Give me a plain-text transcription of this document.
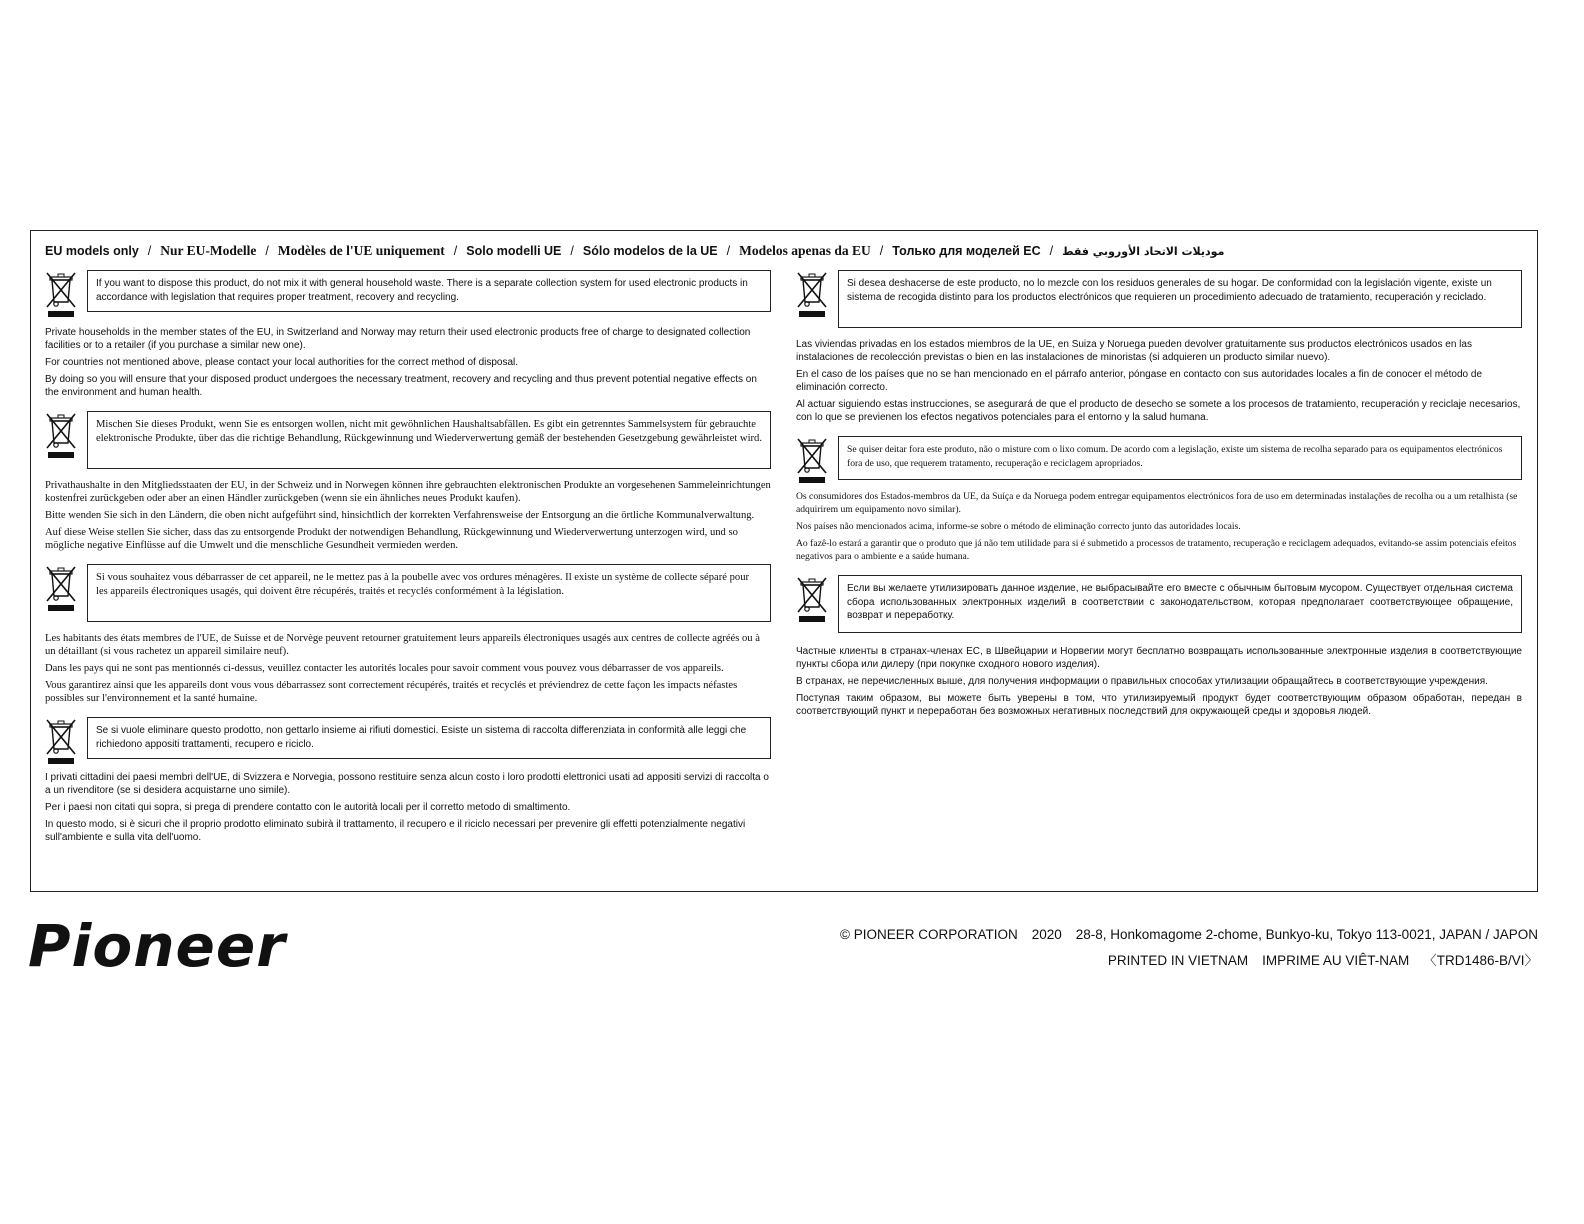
EU models only / Nur EU-Modelle / Modèles de l'UE uniquement / Solo modelli UE / Sólo modelos de la UE / Modelos apenas da EU / Только для моделей EC / موديلات الاتحاد الأوروبي فقط
If you want to dispose this product, do not mix it with general household waste. There is a separate collection system for used electronic products in accordance with legislation that requires proper treatment, recovery and recycling.

Private households in the member states of the EU, in Switzerland and Norway may return their used electronic products free of charge to designated collection facilities or to a retailer (if you purchase a similar new one).

For countries not mentioned above, please contact your local authorities for the correct method of disposal.

By doing so you will ensure that your disposed product undergoes the necessary treatment, recovery and recycling and thus prevent potential negative effects on the environment and human health.

Mischen Sie dieses Produkt, wenn Sie es entsorgen wollen, nicht mit gewöhnlichen Haushaltsabfällen. Es gibt ein getrenntes Sammelsystem für gebrauchte elektronische Produkte, über das die richtige Behandlung, Rückgewinnung und Wiederverwertung gemäß der bestehenden Gesetzgebung gewährleistet wird.

Privathaushalte in den Mitgliedsstaaten der EU, in der Schweiz und in Norwegen können ihre gebrauchten elektronischen Produkte an vorgesehenen Sammeleinrichtungen kostenfrei zurückgeben oder aber an einen Händler zurückgeben (wenn sie ein ähnliches neues Produkt kaufen).

Bitte wenden Sie sich in den Ländern, die oben nicht aufgeführt sind, hinsichtlich der korrekten Verfahrensweise der Entsorgung an die örtliche Kommunalverwaltung.

Auf diese Weise stellen Sie sicher, dass das zu entsorgende Produkt der notwendigen Behandlung, Rückgewinnung und Wiederverwertung unterzogen wird, und so mögliche negative Einflüsse auf die Umwelt und die menschliche Gesundheit vermieden werden.

Si vous souhaitez vous débarrasser de cet appareil, ne le mettez pas à la poubelle avec vos ordures ménagères. Il existe un système de collecte séparé pour les appareils électroniques usagés, qui doivent être récupérés, traités et recyclés conformément à la législation.

Les habitants des états membres de l'UE, de Suisse et de Norvège peuvent retourner gratuitement leurs appareils électroniques usagés aux centres de collecte agréés ou à un détaillant (si vous rachetez un appareil similaire neuf).

Dans les pays qui ne sont pas mentionnés ci-dessus, veuillez contacter les autorités locales pour savoir comment vous pouvez vous débarrasser de vos appareils.

Vous garantirez ainsi que les appareils dont vous vous débarrassez sont correctement récupérés, traités et recyclés et préviendrez de cette façon les impacts néfastes possibles sur l'environnement et la santé humaine.

Se si vuole eliminare questo prodotto, non gettarlo insieme ai rifiuti domestici. Esiste un sistema di raccolta differenziata in conformità alle leggi che richiedono appositi trattamenti, recupero e riciclo.

I privati cittadini dei paesi membri dell'UE, di Svizzera e Norvegia, possono restituire senza alcun costo i loro prodotti elettronici usati ad appositi servizi di raccolta o a un rivenditore (se si desidera acquistarne uno simile).

Per i paesi non citati qui sopra, si prega di prendere contatto con le autorità locali per il corretto metodo di smaltimento.

In questo modo, si è sicuri che il proprio prodotto eliminato subirà il trattamento, il recupero e il riciclo necessari per prevenire gli effetti potenzialmente negativi sull'ambiente e sulla vita dell'uomo.

Si desea deshacerse de este producto, no lo mezcle con los residuos generales de su hogar. De conformidad con la legislación vigente, existe un sistema de recogida distinto para los productos electrónicos que requieren un procedimiento adecuado de tratamiento, recuperación y reciclado.

Las viviendas privadas en los estados miembros de la UE, en Suiza y Noruega pueden devolver gratuitamente sus productos electrónicos usados en las instalaciones de recolección previstas o bien en las instalaciones de minoristas (si adquieren un producto similar nuevo).

En el caso de los países que no se han mencionado en el párrafo anterior, póngase en contacto con sus autoridades locales a fin de conocer el método de eliminación correcto.

Al actuar siguiendo estas instrucciones, se asegurará de que el producto de desecho se somete a los procesos de tratamiento, recuperación y reciclaje necesarios, con lo que se previenen los efectos negativos potenciales para el entorno y la salud humana.

Se quiser deitar fora este produto, não o misture com o lixo comum. De acordo com a legislação, existe um sistema de recolha separado para os equipamentos electrónicos fora de uso, que requerem tratamento, recuperação e reciclagem apropriados.

Os consumidores dos Estados-membros da UE, da Suíça e da Noruega podem entregar equipamentos electrónicos fora de uso em determinadas instalações de recolha ou a um retalhista (se adquirirem um equipamento novo similar).

Nos países não mencionados acima, informe-se sobre o método de eliminação correcto junto das autoridades locais.

Ao fazê-lo estará a garantir que o produto que já não tem utilidade para si é submetido a processos de tratamento, recuperação e reciclagem adequados, evitando-se assim potenciais efeitos negativos para o ambiente e a saúde humana.

Если вы желаете утилизировать данное изделие, не выбрасывайте его вместе с обычным бытовым мусором. Существует отдельная система сбора использованных электронных изделий в соответствии с законодательством, которая предполагает соответствующее обращение, возврат и переработку.

Частные клиенты в странах-членах ЕС, в Швейцарии и Норвегии могут бесплатно возвращать использованные электронные изделия в соответствующие пункты сбора или дилеру (при покупке сходного нового изделия).

В странах, не перечисленных выше, для получения информации о правильных способах утилизации обращайтесь в соответствующие учреждения.

Поступая таким образом, вы можете быть уверены в том, что утилизируемый продукт будет соответствующим образом обработан, передан в соответствующий пункт и переработан без возможных негативных последствий для окружающей среды и здоровья людей.

Pioneer	© PIONEER CORPORATION 2020 28-8, Honkomagome 2-chome, Bunkyo-ku, Tokyo 113-0021, JAPAN / JAPON
PRINTED IN VIETNAM IMPRIME AU VIÊT-NAM 〈TRD1486-B/VI〉
